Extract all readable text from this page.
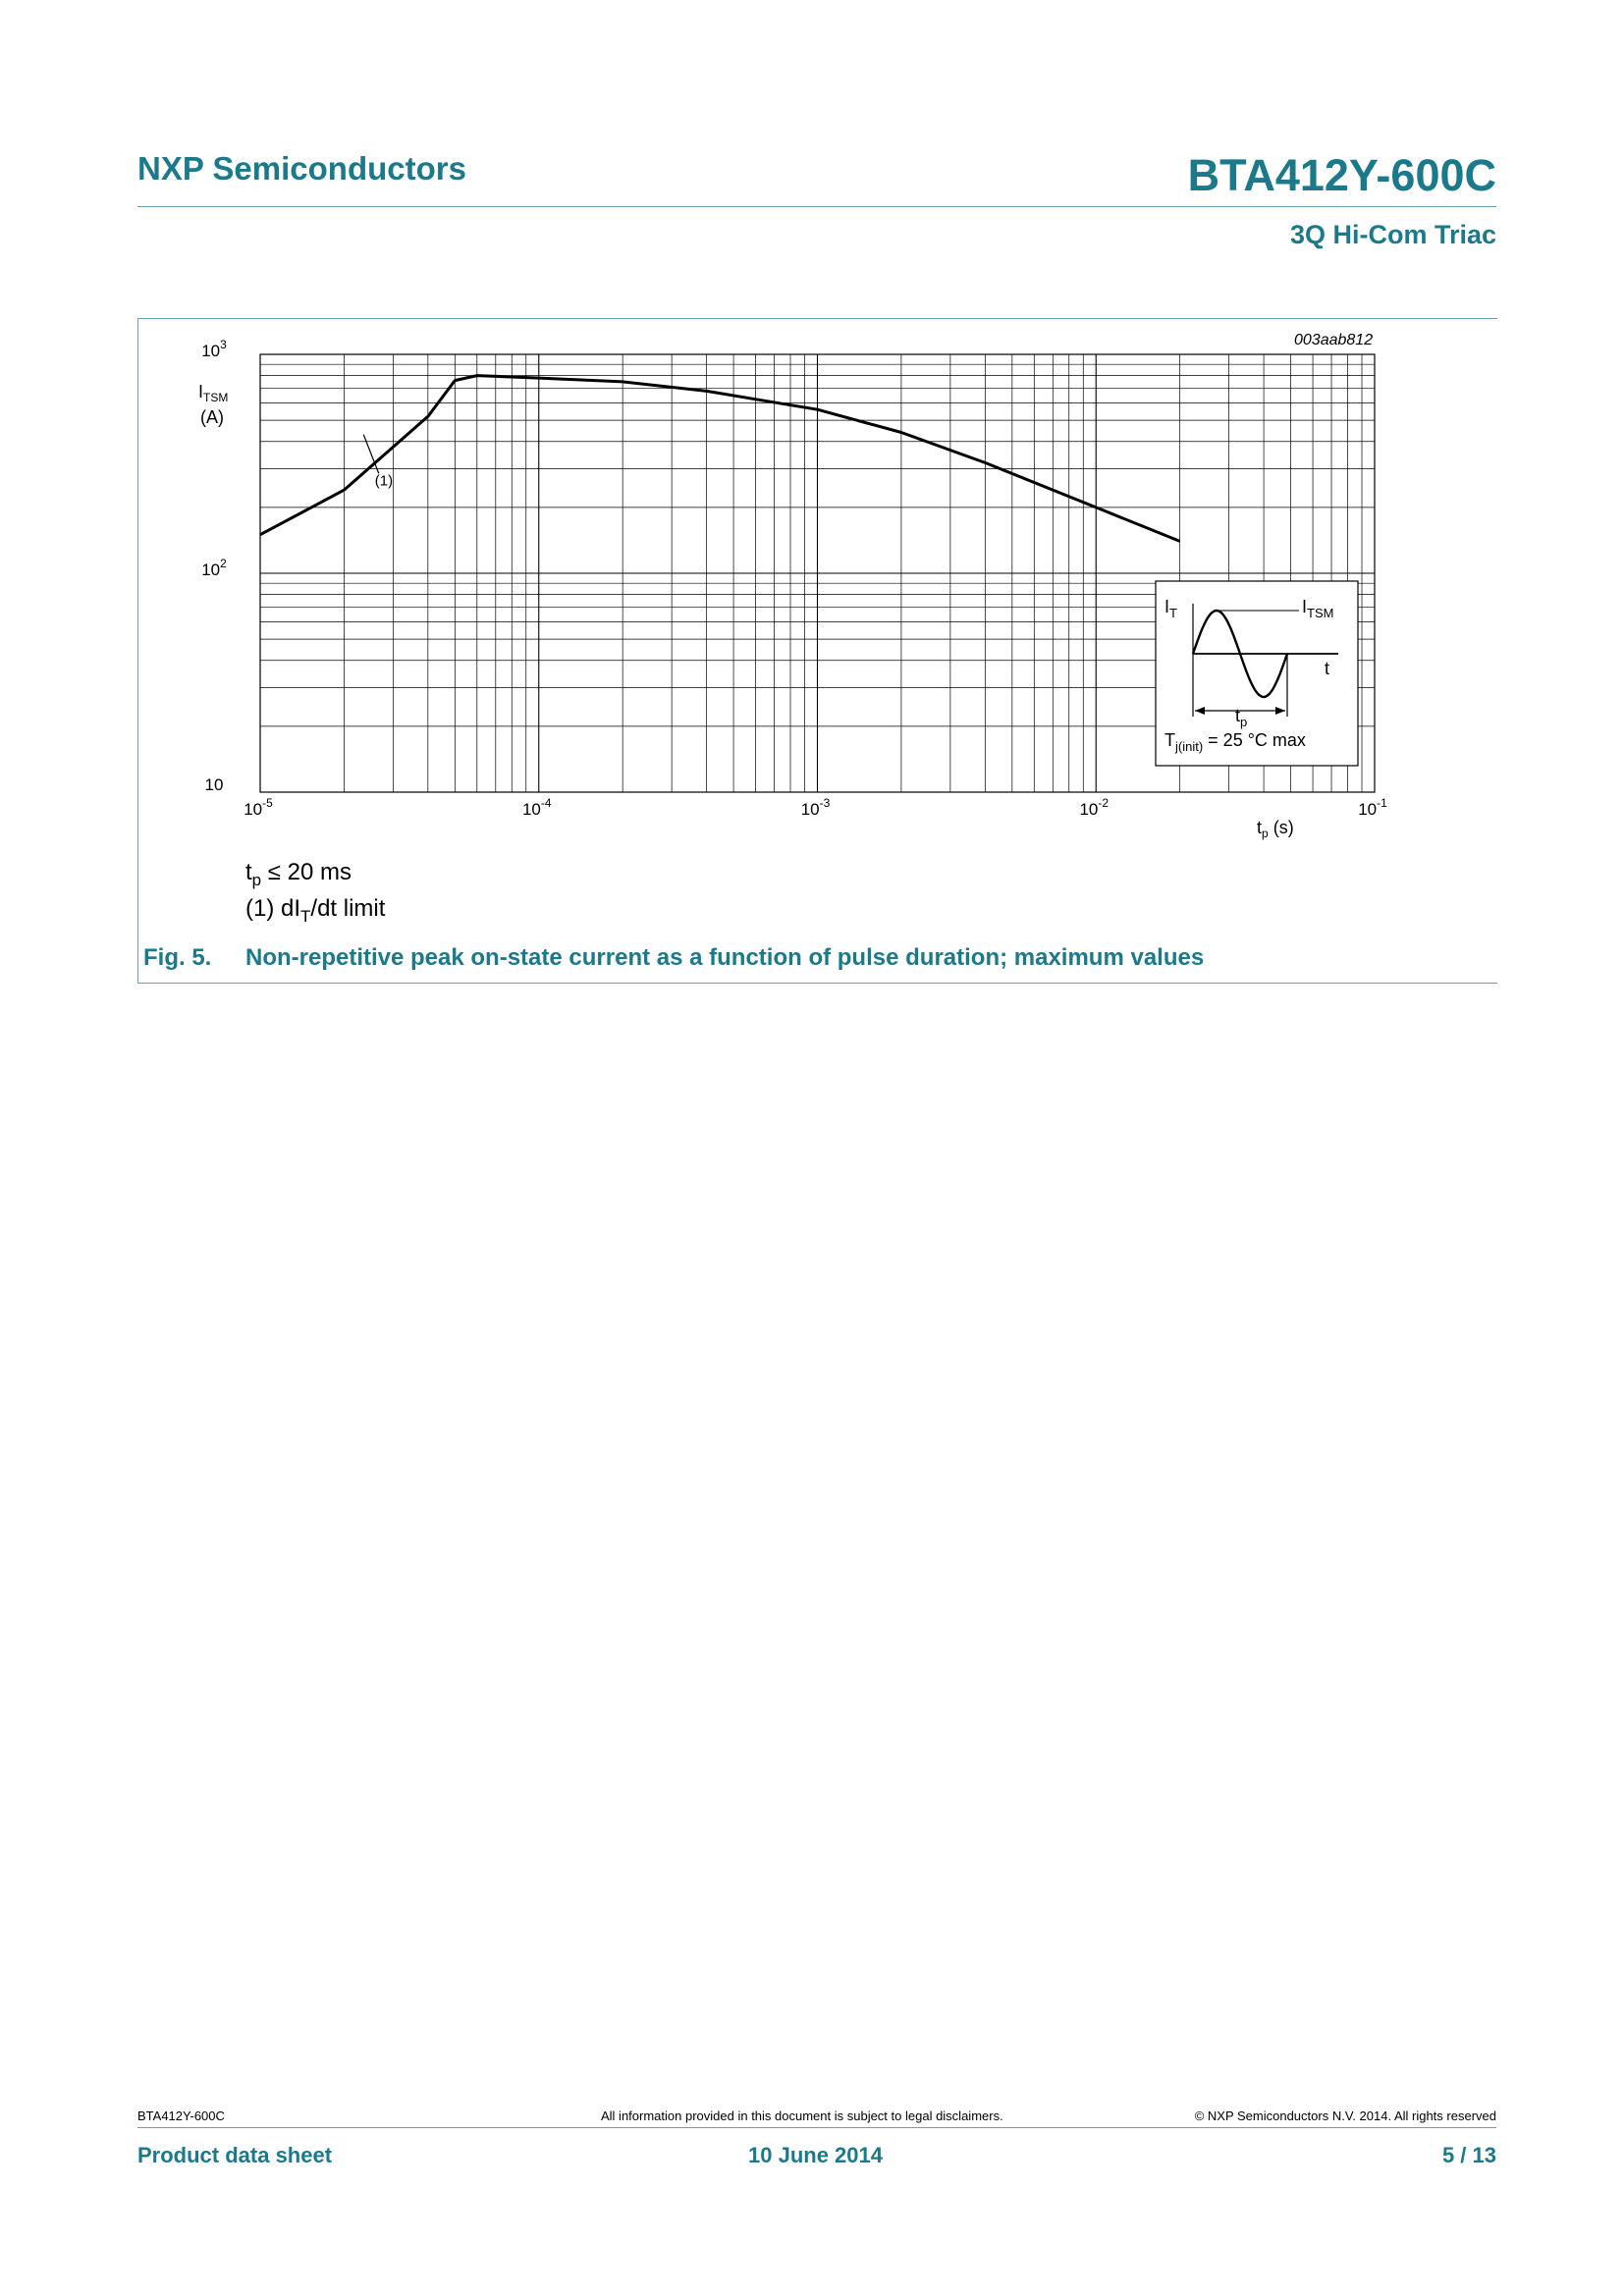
NXP Semiconductors	BTA412Y-600C
3Q Hi-Com Triac
003aab812
$10^{-5}$	$10^{-4}$	$10^{-3}$	$10^{-2}$	$10^{-1}$
$10^3$
$10^2$
10
$I_{TSM}$
(A)
$t_p$ (s)
(1)
$I_T$	$I_{TSM}$
t
$t_p$
$T_{j(init)} = 25$ °C max
$t_p \le 20$ ms
(1) $dI_T/dt$ limit
Fig. 5. Non-repetitive peak on-state current as a function of pulse duration; maximum values
BTA412Y-600C	All information provided in this document is subject to legal disclaimers.	© NXP Semiconductors N.V. 2014. All rights reserved
Product data sheet	10 June 2014	5 / 13
